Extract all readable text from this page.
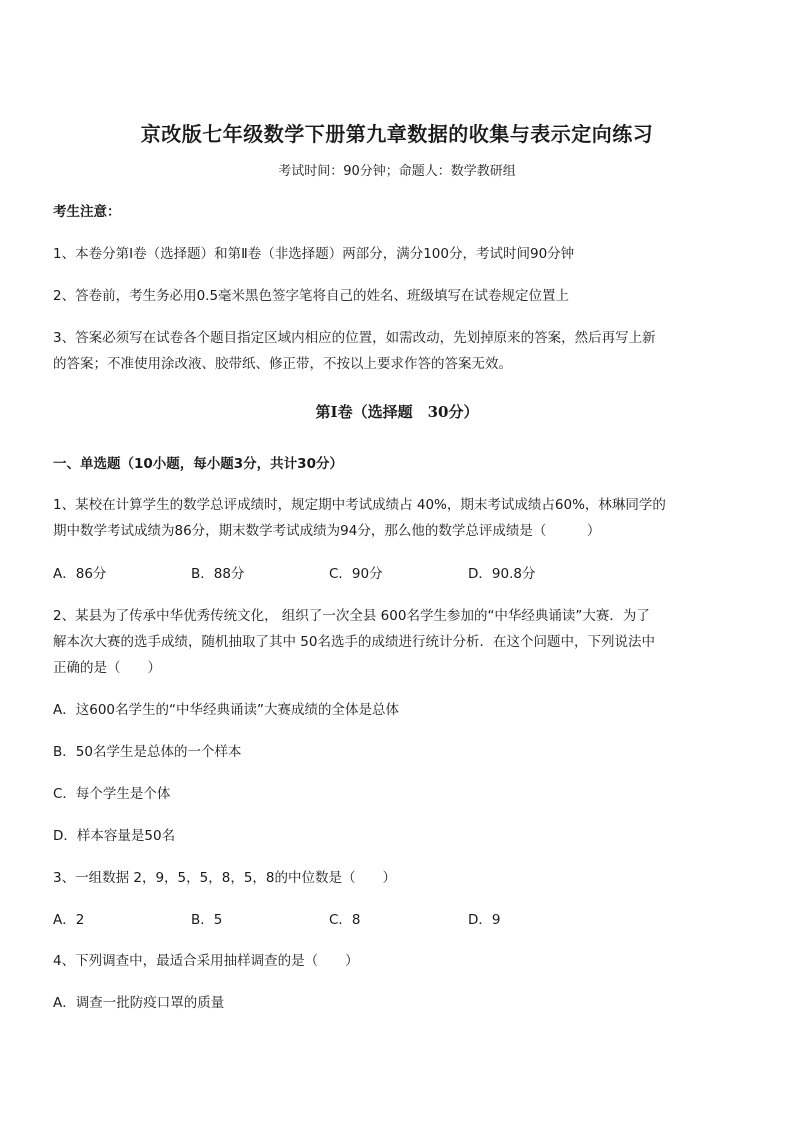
京改版七年级数学下册第九章数据的收集与表示定向练习
考试时间：90分钟；命题人：数学教研组
考生注意：
1、本卷分第Ⅰ卷（选择题）和第Ⅱ卷（非选择题）两部分，满分100分，考试时间90分钟
2、答卷前，考生务必用0.5毫米黑色签字笔将自己的姓名、班级填写在试卷规定位置上
3、答案必须写在试卷各个题目指定区域内相应的位置，如需改动，先划掉原来的答案，然后再写上新
的答案；不准使用涂改液、胶带纸、修正带，不按以上要求作答的答案无效。
第Ⅰ卷（选择题　30分）
一、单选题（10小题，每小题3分，共计30分）
1、某校在计算学生的数学总评成绩时，规定期中考试成绩占 40%，期末考试成绩占60%，林琳同学的
期中数学考试成绩为86分，期末数学考试成绩为94分，那么他的数学总评成绩是（　　　）
A．86分	B．88分	C．90分	D．90.8分
2、某县为了传承中华优秀传统文化， 组织了一次全县 600名学生参加的“中华经典诵读”大赛．为了
解本次大赛的选手成绩，随机抽取了其中 50名选手的成绩进行统计分析．在这个问题中，下列说法中
正确的是（　　）
A．这600名学生的“中华经典诵读”大赛成绩的全体是总体
B．50名学生是总体的一个样本
C．每个学生是个体
D．样本容量是50名
3、一组数据 2，9，5，5，8，5，8的中位数是（　　）
A．2	B．5	C．8	D．9
4、下列调查中，最适合采用抽样调查的是（　　）
A．调查一批防疫口罩的质量
